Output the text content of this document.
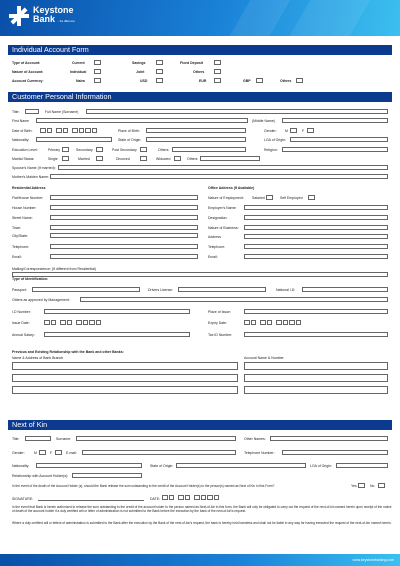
Keystone
Bank ... the difference
Individual Account Form
Type of Account:	Current	Savings	Fixed Deposit
Nature of Account:	Individual	Joint	Others
Account Currency:	Naira	USD	EUR	GBP	Others
Customer Personal Information
Title:	Full Name (Surname)
First Name	(Middle Name)
Date of Birth:	Place of Birth:	Gender: M	F
Nationality:	State of Origin:	LGA of Origin:
Education Level:	Primary	Secondary	Post Secondary	Others	Religion:
Marital Status:	Single	Married	Divorced	Widowed	Others
Spouse's Name (If married):
Mother's Maiden Name:
Residential Address	Office Address (If Available)
Flat/House Number:	Nature of Employment: Salaried	Self Employed
House Number:	Employer's Name:
Street Name:	Designation:
Town:	Nature of Business:
City/State:	Address
Telephone:	Telephone:
Email:	Email:
Mailing/Correspondence: (If different from Residential)
Type of Identification:
Passport:	Drivers License:	National I.D:
Others as approved by Management:
I.D Number:	Place of Issue:
Issue Date:	Expiry Date:
Annual Salary:	Tax ID Number:
Previous and Existing Relationship with the Bank and other Banks:
Name & Address of Bank Branch	Account Name & Number
Next of Kin
Title:	Surname:	Other Names:
Gender:	M	F	E-mail:	Telephone Number:
Nationality:	State of Origin:	LGA of Origin:
Relationship with Account Holder(s):
In the event of the death of the Account Holder (s), should the Bank release the sum outstanding to the credit of the Account Holder(s) to the person(s) named as Next of Kin in this Form?	Yes	No
SIGNATURE:	DATE:
In the event that Bank is herein authorized to release the sum outstanding to the credit of the account holder to the person named as Next-of-kin in this form, the Bank will only be obligated to carry out the request of the next-of-kin named herein upon receipt of the notice of death of the account holder if a duly certified will or letter of administration is not submitted to the Bank before the execution by the bank of the next-of-kin's request.
Where a duly certified will or letters of administration is submitted to the Bank after the execution by the Bank of the next-of-kin's request, the bank is hereby held harmless and shall not be liable in any way for having executed the request of the next-of-kin named herein.
www.keystonebankng.com
